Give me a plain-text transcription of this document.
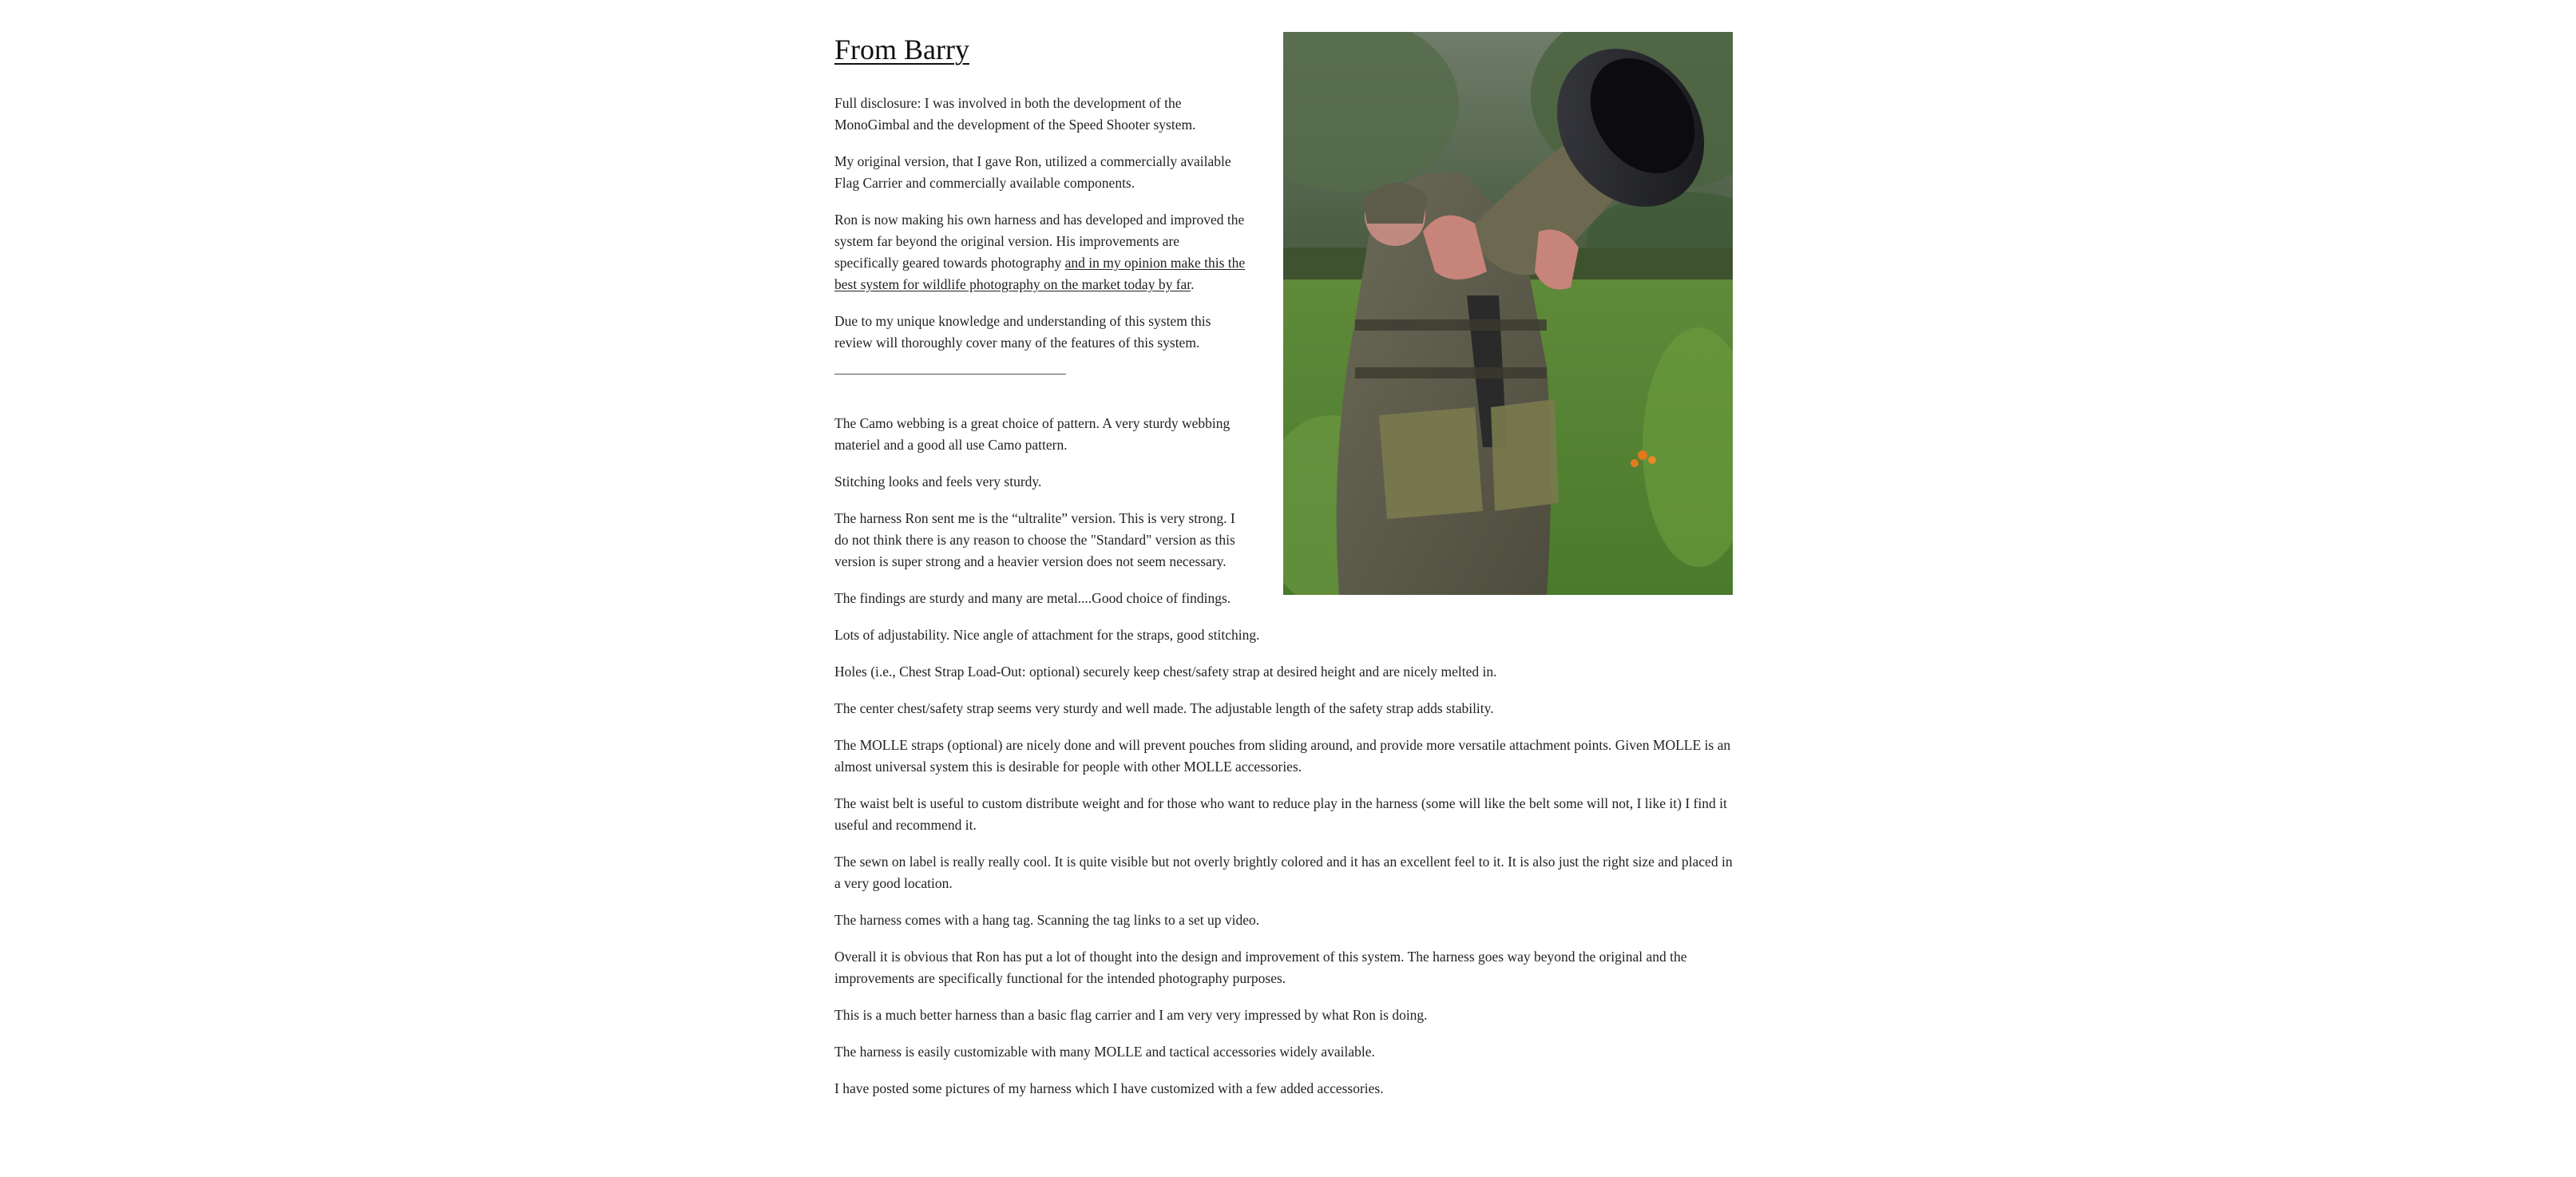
From Barry

Full disclosure: I was involved in both the development of the MonoGimbal and the development of the Speed Shooter system.

My original version, that I gave Ron, utilized a commercially available Flag Carrier and commercially available components.

Ron is now making his own harness and has developed and improved the system far beyond the original version. His improvements are specifically geared towards photography and in my opinion make this the best system for wildlife photography on the market today by far.

Due to my unique knowledge and understanding of this system this review will thoroughly cover many of the features of this system.

The Camo webbing is a great choice of pattern. A very sturdy webbing materiel and a good all use Camo pattern.

Stitching looks and feels very sturdy.

The harness Ron sent me is the “ultralite” version. This is very strong. I do not think there is any reason to choose the "Standard" version as this version is super strong and a heavier version does not seem necessary.

The findings are sturdy and many are metal....Good choice of findings.

Lots of adjustability. Nice angle of attachment for the straps, good stitching.

Holes (i.e., Chest Strap Load-Out: optional) securely keep chest/safety strap at desired height and are nicely melted in.

The center chest/safety strap seems very sturdy and well made. The adjustable length of the safety strap adds stability.

The MOLLE straps (optional) are nicely done and will prevent pouches from sliding around, and provide more versatile attachment points. Given MOLLE is an almost universal system this is desirable for people with other MOLLE accessories.

The waist belt is useful to custom distribute weight and for those who want to reduce play in the harness (some will like the belt some will not, I like it) I find it useful and recommend it.

The sewn on label is really really cool. It is quite visible but not overly brightly colored and it has an excellent feel to it. It is also just the right size and placed in a very good location.

The harness comes with a hang tag. Scanning the tag links to a set up video.

Overall it is obvious that Ron has put a lot of thought into the design and improvement of this system. The harness goes way beyond the original and the improvements are specifically functional for the intended photography purposes.

This is a much better harness than a basic flag carrier and I am very very impressed by what Ron is doing.

The harness is easily customizable with many MOLLE and tactical accessories widely available.

I have posted some pictures of my harness which I have customized with a few added accessories.
